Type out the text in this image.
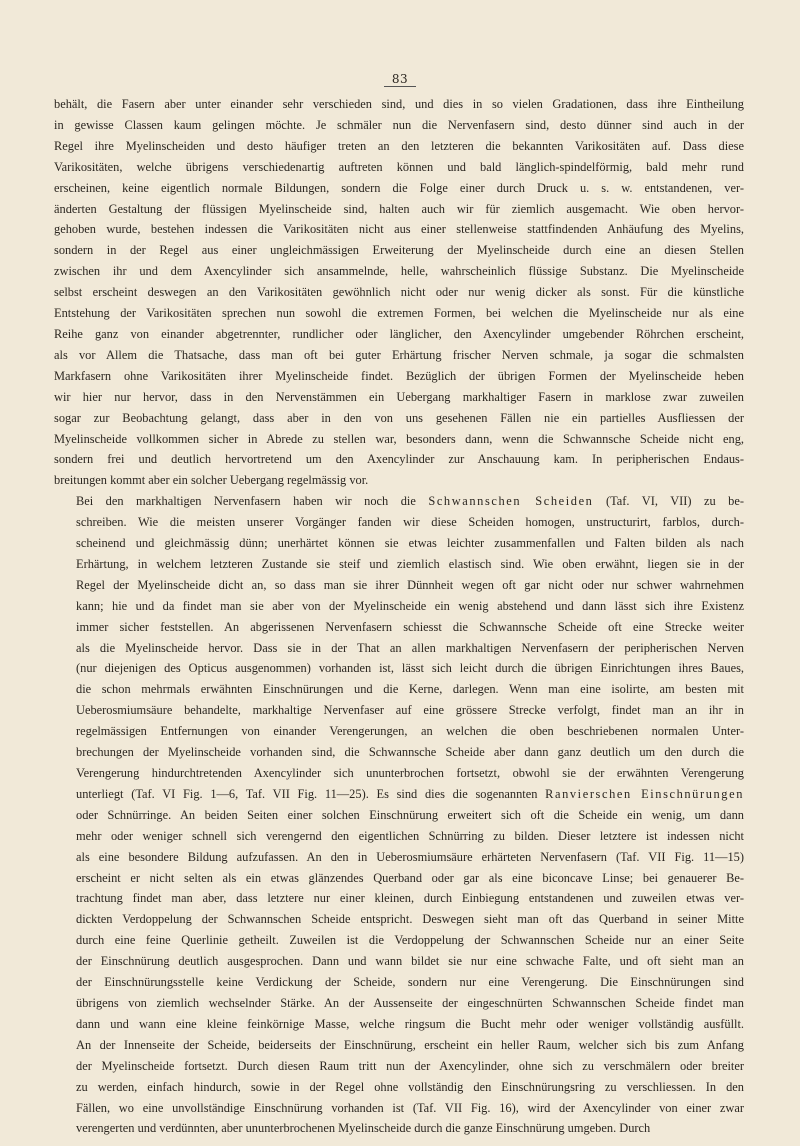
83

behält, die Fasern aber unter einander sehr verschieden sind, und dies in so vielen Gradationen, dass ihre Eintheilung
in gewisse Classen kaum gelingen möchte. Je schmäler nun die Nervenfasern sind, desto dünner sind auch in der
Regel ihre Myelinscheiden und desto häufiger treten an den letzteren die bekannten Varikositäten auf. Dass diese
Varikositäten, welche übrigens verschiedenartig auftreten können und bald länglich-spindelförmig, bald mehr rund
erscheinen, keine eigentlich normale Bildungen, sondern die Folge einer durch Druck u. s. w. entstandenen, ver-
änderten Gestaltung der flüssigen Myelinscheide sind, halten auch wir für ziemlich ausgemacht. Wie oben hervor-
gehoben wurde, bestehen indessen die Varikositäten nicht aus einer stellenweise stattfindenden Anhäufung des Myelins,
sondern in der Regel aus einer ungleichmässigen Erweiterung der Myelinscheide durch eine an diesen Stellen
zwischen ihr und dem Axencylinder sich ansammelnde, helle, wahrscheinlich flüssige Substanz. Die Myelinscheide
selbst erscheint deswegen an den Varikositäten gewöhnlich nicht oder nur wenig dicker als sonst. Für die künstliche
Entstehung der Varikositäten sprechen nun sowohl die extremen Formen, bei welchen die Myelinscheide nur als eine
Reihe ganz von einander abgetrennter, rundlicher oder länglicher, den Axencylinder umgebender Röhrchen erscheint,
als vor Allem die Thatsache, dass man oft bei guter Erhärtung frischer Nerven schmale, ja sogar die schmalsten
Markfasern ohne Varikositäten ihrer Myelinscheide findet. Bezüglich der übrigen Formen der Myelinscheide heben
wir hier nur hervor, dass in den Nervenstämmen ein Uebergang markhaltiger Fasern in marklose zwar zuweilen
sogar zur Beobachtung gelangt, dass aber in den von uns gesehenen Fällen nie ein partielles Ausfliessen der
Myelinscheide vollkommen sicher in Abrede zu stellen war, besonders dann, wenn die Schwannsche Scheide nicht eng,
sondern frei und deutlich hervortretend um den Axencylinder zur Anschauung kam. In peripherischen Endaus-
breitungen kommt aber ein solcher Uebergang regelmässig vor.

Bei den markhaltigen Nervenfasern haben wir noch die Schwannschen Scheiden (Taf. VI, VII) zu be-
schreiben. Wie die meisten unserer Vorgänger fanden wir diese Scheiden homogen, unstructurirt, farblos, durch-
scheinend und gleichmässig dünn; unerhärtet können sie etwas leichter zusammenfallen und Falten bilden als nach
Erhärtung, in welchem letzteren Zustande sie steif und ziemlich elastisch sind. Wie oben erwähnt, liegen sie in der
Regel der Myelinscheide dicht an, so dass man sie ihrer Dünnheit wegen oft gar nicht oder nur schwer wahrnehmen
kann; hie und da findet man sie aber von der Myelinscheide ein wenig abstehend und dann lässt sich ihre Existenz
immer sicher feststellen. An abgerissenen Nervenfasern schiesst die Schwannsche Scheide oft eine Strecke weiter
als die Myelinscheide hervor. Dass sie in der That an allen markhaltigen Nervenfasern der peripherischen Nerven
(nur diejenigen des Opticus ausgenommen) vorhanden ist, lässt sich leicht durch die übrigen Einrichtungen ihres Baues,
die schon mehrmals erwähnten Einschnürungen und die Kerne, darlegen. Wenn man eine isolirte, am besten mit
Ueberosmiumsäure behandelte, markhaltige Nervenfaser auf eine grössere Strecke verfolgt, findet man an ihr in
regelmässigen Entfernungen von einander Verengerungen, an welchen die oben beschriebenen normalen Unter-
brechungen der Myelinscheide vorhanden sind, die Schwannsche Scheide aber dann ganz deutlich um den durch die
Verengerung hindurchtretenden Axencylinder sich ununterbrochen fortsetzt, obwohl sie der erwähnten Verengerung
unterliegt (Taf. VI Fig. 1—6, Taf. VII Fig. 11—25). Es sind dies die sogenannten Ranvierschen Einschnürungen
oder Schnürringe. An beiden Seiten einer solchen Einschnürung erweitert sich oft die Scheide ein wenig, um dann
mehr oder weniger schnell sich verengernd den eigentlichen Schnürring zu bilden. Dieser letztere ist indessen nicht
als eine besondere Bildung aufzufassen. An den in Ueberosmiumsäure erhärteten Nervenfasern (Taf. VII Fig. 11—15)
erscheint er nicht selten als ein etwas glänzendes Querband oder gar als eine biconcave Linse; bei genauerer Be-
trachtung findet man aber, dass letztere nur einer kleinen, durch Einbiegung entstandenen und zuweilen etwas ver-
dickten Verdoppelung der Schwannschen Scheide entspricht. Deswegen sieht man oft das Querband in seiner Mitte
durch eine feine Querlinie getheilt. Zuweilen ist die Verdoppelung der Schwannschen Scheide nur an einer Seite
der Einschnürung deutlich ausgesprochen. Dann und wann bildet sie nur eine schwache Falte, und oft sieht man an
der Einschnürungsstelle keine Verdickung der Scheide, sondern nur eine Verengerung. Die Einschnürungen sind
übrigens von ziemlich wechselnder Stärke. An der Aussenseite der eingeschnürten Schwannschen Scheide findet man
dann und wann eine kleine feinkörnige Masse, welche ringsum die Bucht mehr oder weniger vollständig ausfüllt.
An der Innenseite der Scheide, beiderseits der Einschnürung, erscheint ein heller Raum, welcher sich bis zum Anfang
der Myelinscheide fortsetzt. Durch diesen Raum tritt nun der Axencylinder, ohne sich zu verschmälern oder breiter
zu werden, einfach hindurch, sowie in der Regel ohne vollständig den Einschnürungsring zu verschliessen. In den
Fällen, wo eine unvollständige Einschnürung vorhanden ist (Taf. VII Fig. 16), wird der Axencylinder von einer zwar
verengerten und verdünnten, aber ununterbrochenen Myelinscheide durch die ganze Einschnürung umgeben. Durch
